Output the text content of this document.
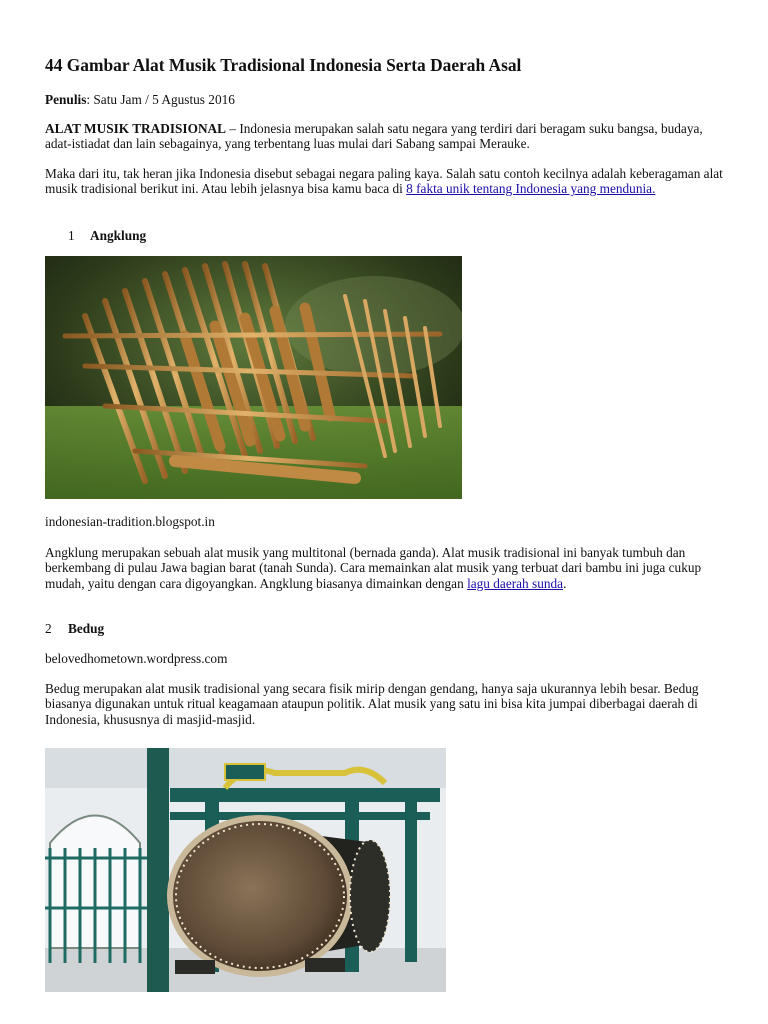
44 Gambar Alat Musik Tradisional Indonesia Serta Daerah Asal

Penulis: Satu Jam / 5 Agustus 2016

ALAT MUSIK TRADISIONAL – Indonesia merupakan salah satu negara yang terdiri dari beragam suku bangsa, budaya, adat-istiadat dan lain sebagainya, yang terbentang luas mulai dari Sabang sampai Merauke.

Maka dari itu, tak heran jika Indonesia disebut sebagai negara paling kaya. Salah satu contoh kecilnya adalah keberagaman alat musik tradisional berikut ini. Atau lebih jelasnya bisa kamu baca di 8 fakta unik tentang Indonesia yang mendunia.

1 Angklung

indonesian-tradition.blogspot.in

Angklung merupakan sebuah alat musik yang multitonal (bernada ganda). Alat musik tradisional ini banyak tumbuh dan berkembang di pulau Jawa bagian barat (tanah Sunda). Cara memainkan alat musik yang terbuat dari bambu ini juga cukup mudah, yaitu dengan cara digoyangkan. Angklung biasanya dimainkan dengan lagu daerah sunda.

2 Bedug

belovedhometown.wordpress.com

Bedug merupakan alat musik tradisional yang secara fisik mirip dengan gendang, hanya saja ukurannya lebih besar. Bedug biasanya digunakan untuk ritual keagamaan ataupun politik. Alat musik yang satu ini bisa kita jumpai diberbagai daerah di Indonesia, khususnya di masjid-masjid.
